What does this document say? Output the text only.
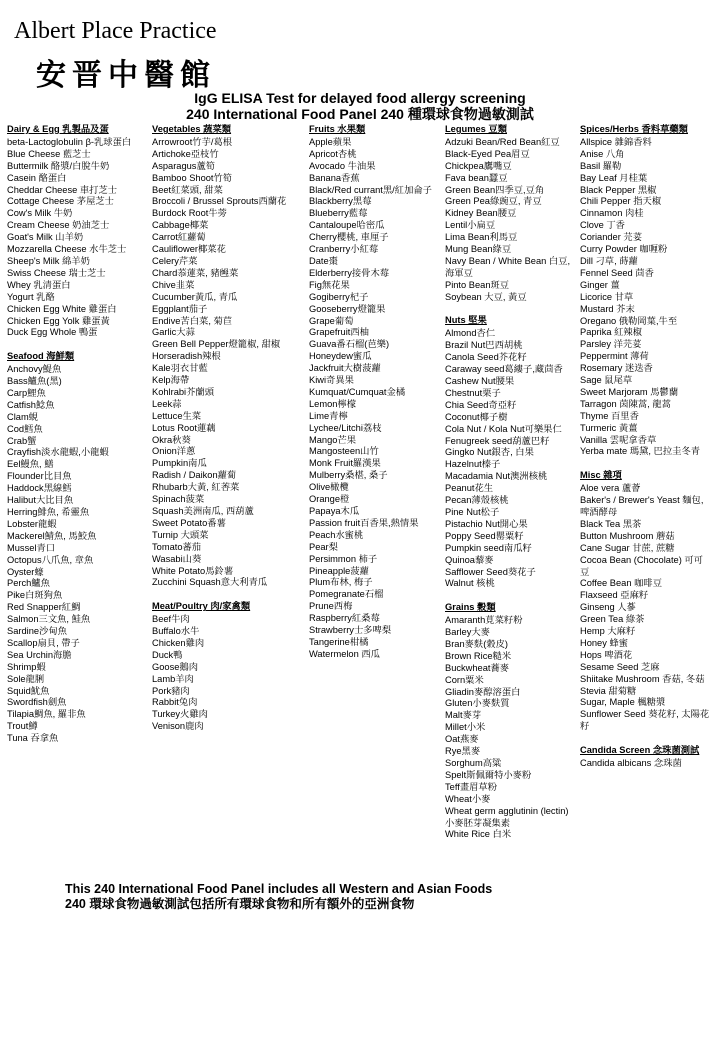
Albert Place Practice
安晋中醫館
IgG ELISA Test for delayed food allergy screening
240 International Food Panel 240 種環球食物過敏測試
Dairy & Egg 乳製品及蛋
beta-Lactoglobulin β-乳球蛋白
Blue Cheese 藍芝士
Buttermilk 酪漿/白脫牛奶
Casein 酪蛋白
Cheddar Cheese 車打芝士
Cottage Cheese 茅屋芝士
Cow's Milk 牛奶
Cream Cheese 奶油芝士
Goat's Milk 山羊奶
Mozzarella Cheese 水牛芝士
Sheep's Milk 綿羊奶
Swiss Cheese 瑞士芝士
Whey 乳清蛋白
Yogurt 乳酪
Chicken Egg White 雞蛋白
Chicken Egg Yolk 雞蛋黃
Duck Egg Whole 鴨蛋
Seafood 海鮮類
Anchovy鯷魚
Bass鱸魚(黑)
Carp鯉魚
Catfish鯰魚
Clam蜆
Cod鱈魚
Crab蟹
Crayfish淡水龍蝦,小龍蝦
Eel鰻魚, 鱔
Flounder比目魚
Haddock黑線鱈
Halibut大比目魚
Herring鯡魚, 希靈魚
Lobster龍蝦
Mackerel鯖魚, 馬鮫魚
Mussel青口
Octopus八爪魚, 章魚
Oyster蠔
Perch鱸魚
Pike白斑狗魚
Red Snapper紅鯛
Salmon三文魚, 鮭魚
Sardine沙甸魚
Scallop扇貝, 帶子
Sea Urchin海膽
Shrimp蝦
Sole龍脷
Squid魷魚
Swordfish劍魚
Tilapia鯛魚, 羅非魚
Trout鱒
Tuna 吞拿魚
Vegetables 蔬菜類
Arrowroot竹芋/葛根
Artichoke亞枝竹
Asparagus蘆筍
Bamboo Shoot竹筍
Beet紅菜頭, 甜菜
Broccoli / Brussel Sprouts西蘭花
Burdock Root牛蒡
Cabbage椰菜
Carrot紅蘿蔔
Cauliflower椰菜花
Celery芹菜
Chard菾蓮菜, 豬乸菜
Chive韭菜
Cucumber黃瓜, 青瓜
Eggplant茄子
Endive苦白菜, 菊苣
Garlic大蒜
Green Bell Pepper燈籠椒, 甜椒
Horseradish辣根
Kale羽衣甘藍
Kelp海帶
Kohlrabi芥蘭頭
Leek蒜
Lettuce生菜
Lotus Root蓮藕
Okra秋葵
Onion洋蔥
Pumpkin南瓜
Radish / Daikon蘿蔔
Rhubarb大黃, 紅莕菜
Spinach菠菜
Squash美洲南瓜, 西葫蘆
Sweet Potato番薯
Turnip 大頭菜
Tomato蕃茄
Wasabi山葵
White Potato馬鈴薯
Zucchini Squash意大利青瓜
Meat/Poultry 肉/家禽類
Beef牛肉
Buffalo水牛
Chicken雞肉
Duck鴨
Goose鵝肉
Lamb羊肉
Pork豬肉
Rabbit兔肉
Turkey火雞肉
Venison鹿肉
Fruits 水果類
Apple蘋果
Apricot杏桃
Avocado 牛油果
Banana香蕉
Black/Red currant黑/紅加侖子
Blackberry黑莓
Blueberry藍莓
Cantaloupe哈密瓜
Cherry櫻桃, 車厘子
Cranberry小紅莓
Date棗
Elderberry接骨木莓
Fig無花果
Gogiberry杞子
Gooseberry燈籠果
Grape葡萄
Grapefruit西柚
Guava番石榴(芭樂)
Honeydew蜜瓜
Jackfruit大樹菠蘿
Kiwi奇異果
Kumquat/Cumquat金橘
Lemon檸檬
Lime青檸
Lychee/Litchi荔枝
Mango芒果
Mangosteen山竹
Monk Fruit羅漢果
Mulberry桑椹, 桑子
Olive橄欖
Orange橙
Papaya木瓜
Passion fruit百香果,熱情果
Peach水蜜桃
Pear梨
Persimmon 柿子
Pineapple菠蘿
Plum布林, 梅子
Pomegranate石榴
Prune西梅
Raspberry紅桑莓
Strawberry士多啤梨
Tangerine柑橘
Watermelon 西瓜
Legumes 豆類
Adzuki Bean/Red Bean紅豆
Black-Eyed Pea眉豆
Chickpea鷹嘴豆
Fava bean蠶豆
Green Bean四季豆,豆角
Green Pea綠豌豆, 青豆
Kidney Bean腰豆
Lentil小扁豆
Lima Bean利馬豆
Mung Bean綠豆
Navy Bean / White Bean 白豆, 海軍豆
Pinto Bean斑豆
Soybean 大豆, 黃豆
Nuts 堅果
Almond杏仁
Brazil Nut巴西胡桃
Canola Seed芥花籽
Caraway seed葛縷子,藏茴香
Cashew Nut腰果
Chestnut栗子
Chia Seed奇亞籽
Coconut椰子樹
Cola Nut / Kola Nut可樂果仁
Fenugreek seed葫蘆巴籽
Gingko Nut銀杏, 白果
Hazelnut榛子
Macadamia Nut澳洲核桃
Peanut花生
Pecan薄殼核桃
Pine Nut松子
Pistachio Nut開心果
Poppy Seed罌粟籽
Pumpkin seed南瓜籽
Quinoa藜麥
Safflower Seed葵花子
Walnut 核桃
Grains 穀類
Amaranth莧菜籽粉
Barley大麥
Bran麥麩(穀皮)
Brown Rice糙米
Buckwheat蕎麥
Corn粟米
Gliadin麥醇溶蛋白
Gluten小麥麩質
Malt麥芽
Millet小米
Oat燕麥
Rye黑麥
Sorghum高粱
Spelt斯佩爾特小麥粉
Teff畫眉草粉
Wheat小麥
Wheat germ agglutinin (lectin) 小麥胚芽凝集素
White Rice 白米
Spices/Herbs 香料草藥類
Allspice 雜錦香料
Anise 八角
Basil 羅勒
Bay Leaf 月桂葉
Black Pepper 黑椒
Chili Pepper 指天椒
Cinnamon 肉桂
Clove 丁香
Coriander 芫荽
Curry Powder 咖喱粉
Dill 刁草, 蒔蘿
Fennel Seed 茴香
Ginger 薑
Licorice 甘草
Mustard 芥末
Oregano 俄勒岡葉,牛至
Paprika 紅辣椒
Parsley 洋芫荽
Peppermint 薄荷
Rosemary 迷迭香
Sage 鼠尾草
Sweet Marjoram 馬鬱蘭
Tarragon 茵陳蒿, 龍蒿
Thyme 百里香
Turmeric 黃薑
Vanilla 雲呢拿香草
Yerba mate 瑪黛, 巴拉圭冬青
Misc 雜項
Aloe vera 蘆薈
Baker's / Brewer's Yeast 麵包, 啤酒酵母
Black Tea 黑茶
Button Mushroom 蘑菇
Cane Sugar 甘蔗, 蔗糖
Cocoa Bean (Chocolate) 可可豆
Coffee Bean 咖啡豆
Flaxseed 亞麻籽
Ginseng 人蔘
Green Tea 綠茶
Hemp 大麻籽
Honey 蜂蜜
Hops 啤酒花
Sesame Seed 芝麻
Shiitake Mushroom 香菇, 冬菇
Stevia 甜菊糖
Sugar, Maple 楓糖漿
Sunflower Seed 葵花籽, 太陽花籽
Candida Screen 念珠菌測試
Candida albicans 念珠菌
This 240 International Food Panel includes all Western and Asian Foods
240 環球食物過敏測試包括所有環球食物和所有額外的亞洲食物
